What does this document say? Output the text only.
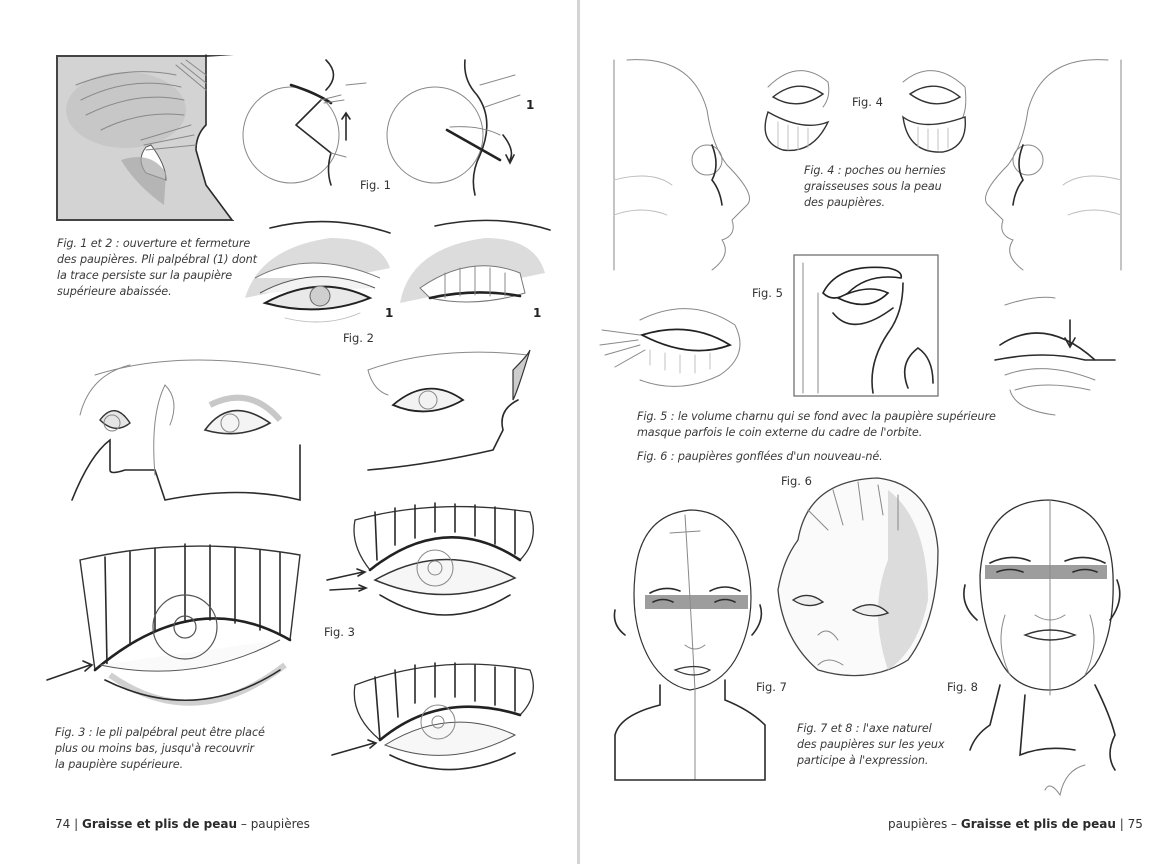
Fig. 1
1
Fig. 1 et 2 : ouverture et fermeture
des paupières. Pli palpébral (1) dont
la trace persiste sur la paupière
supérieure abaissée.
1	1
Fig. 2
Fig. 3
Fig. 3 : le pli palpébral peut être placé
plus ou moins bas, jusqu'à recouvrir
la paupière supérieure.
74 | Graisse et plis de peau – paupières
Fig. 4
Fig. 4 : poches ou hernies
graisseuses sous la peau
des paupières.
Fig. 5
Fig. 5 : le volume charnu qui se fond avec la paupière supérieure
masque parfois le coin externe du cadre de l'orbite.
Fig. 6 : paupières gonflées d'un nouveau-né.
Fig. 6
Fig. 7	Fig. 8
Fig. 7 et 8 : l'axe naturel
des paupières sur les yeux
participe à l'expression.
paupières – Graisse et plis de peau | 75
